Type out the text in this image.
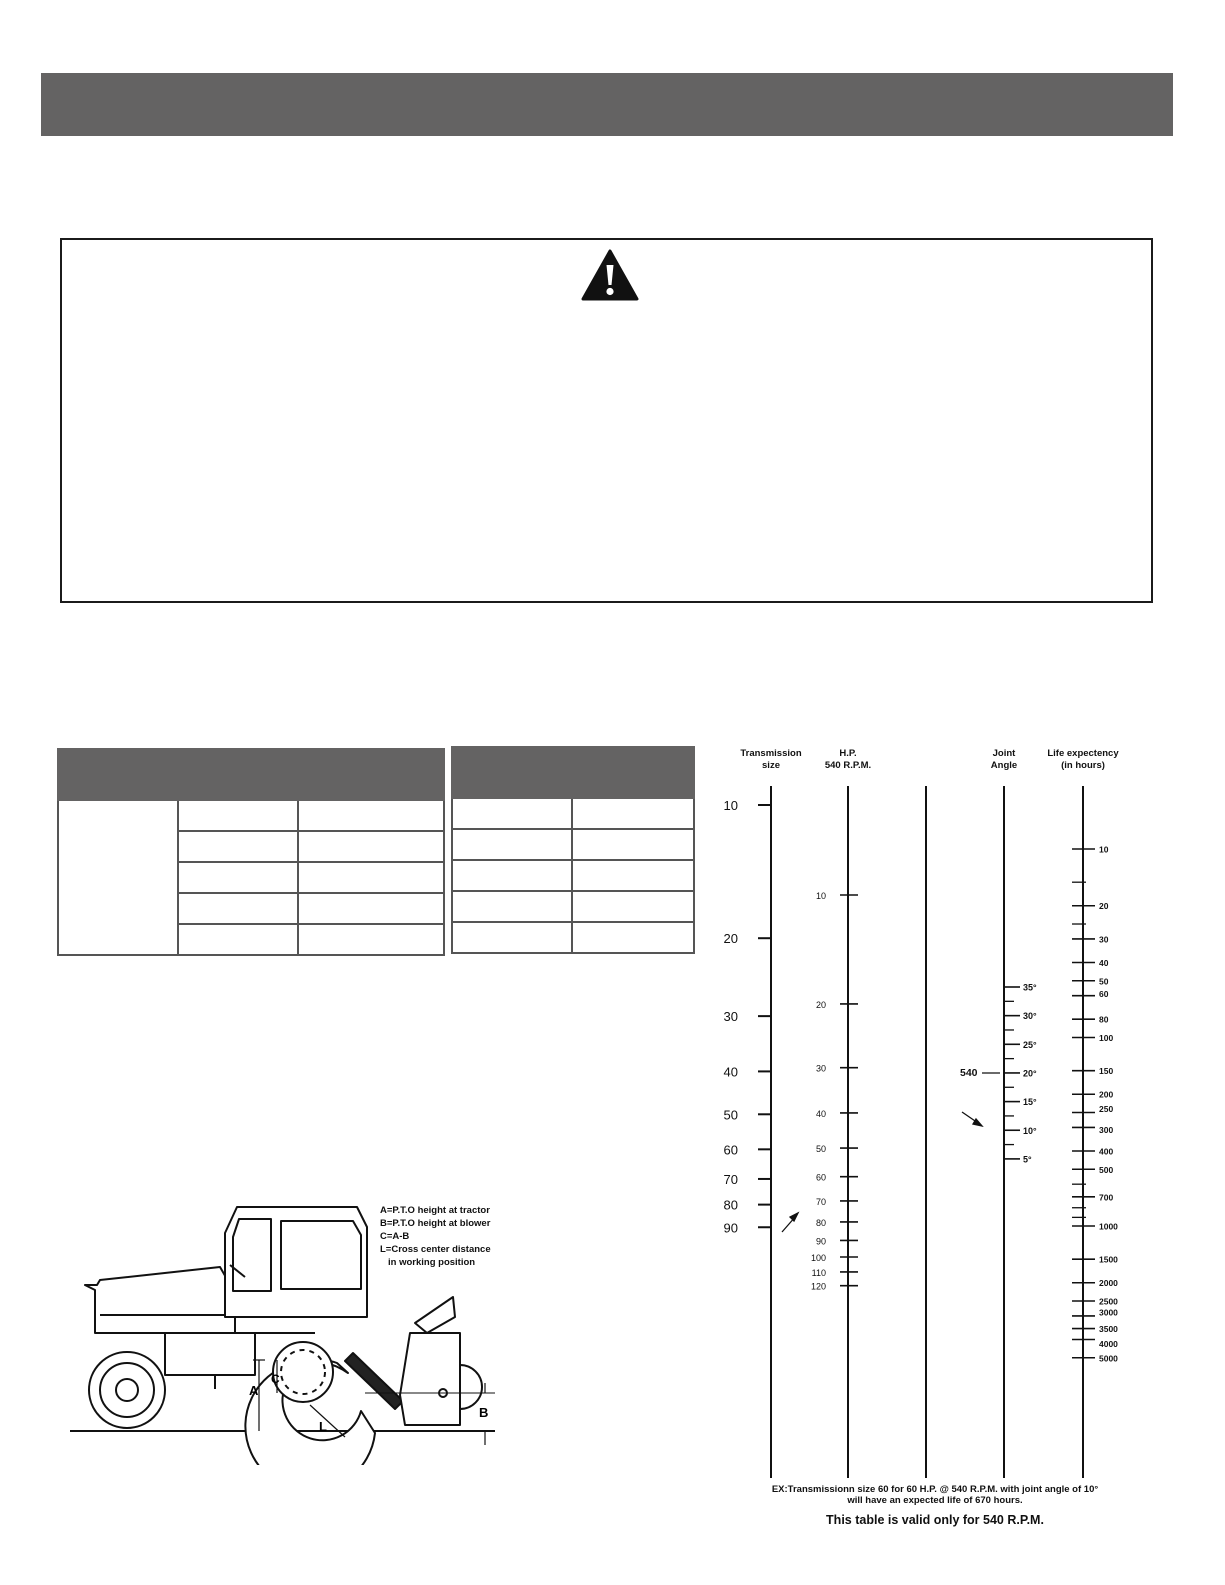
A
C
L
B
A=P.T.O height at tractor
B=P.T.O height at blower
C=A-B
L=Cross center distance
in working position
Transmission
size
H.P.
540 R.P.M.
Joint
Angle
Life expectency
(in hours)
10
20
30
40
50
60
70
80
90
10
20
30
40
50
60
70
80
90
100
110
120
35°
30°
25°
20°
15°
10°
5°
10
20
30
40
50
60
80
100
150
200
250
300
400
500
700
1000
1500
2000
2500
3000
3500
4000
5000
540
EX:Transmissionn size 60 for 60 H.P. @ 540 R.P.M. with joint angle of 10°
will have an expected life of 670 hours.
This table is valid only for 540 R.P.M.
